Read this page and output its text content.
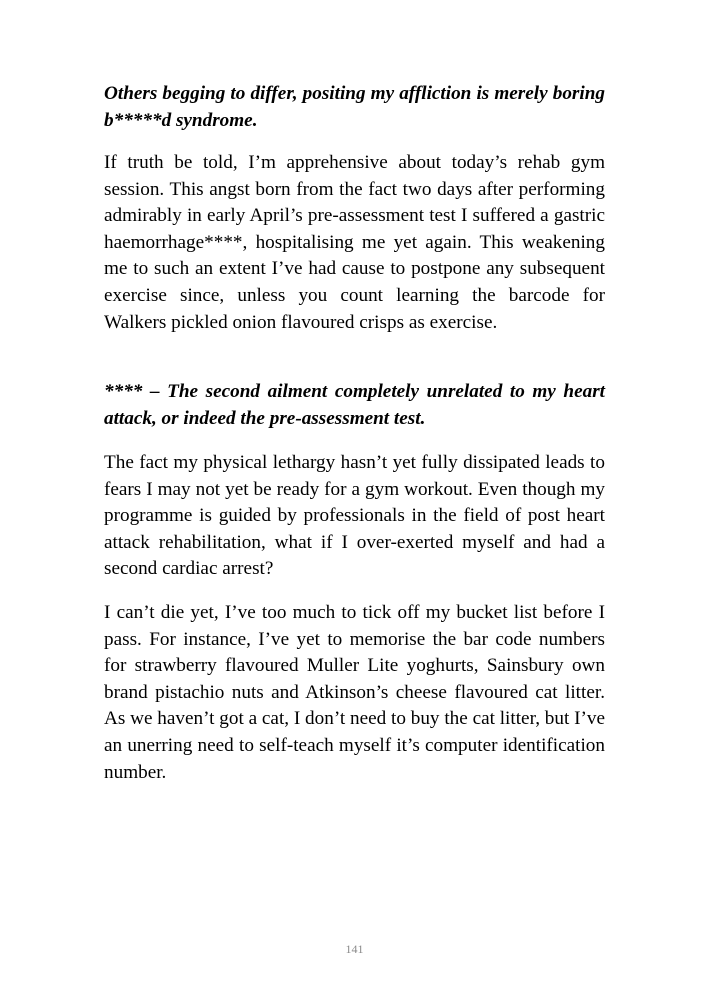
Others begging to differ, positing my affliction is merely boring b*****d syndrome.

If truth be told, I’m apprehensive about today’s rehab gym session. This angst born from the fact two days after performing admirably in early April’s pre-assessment test I suffered a gastric haemorrhage****, hospitalising me yet again. This weakening me to such an extent I’ve had cause to postpone any subsequent exercise since, unless you count learning the barcode for Walkers pickled onion flavoured crisps as exercise.

**** – The second ailment completely unrelated to my heart attack, or indeed the pre-assessment test.

The fact my physical lethargy hasn’t yet fully dissipated leads to fears I may not yet be ready for a gym workout. Even though my programme is guided by professionals in the field of post heart attack rehabilitation, what if I over-exerted myself and had a second cardiac arrest?

I can’t die yet, I’ve too much to tick off my bucket list before I pass. For instance, I’ve yet to memorise the bar code numbers for strawberry flavoured Muller Lite yoghurts, Sainsbury own brand pistachio nuts and Atkinson’s cheese flavoured cat litter. As we haven’t got a cat, I don’t need to buy the cat litter, but I’ve an unerring need to self-teach myself it’s computer identification number.

141
